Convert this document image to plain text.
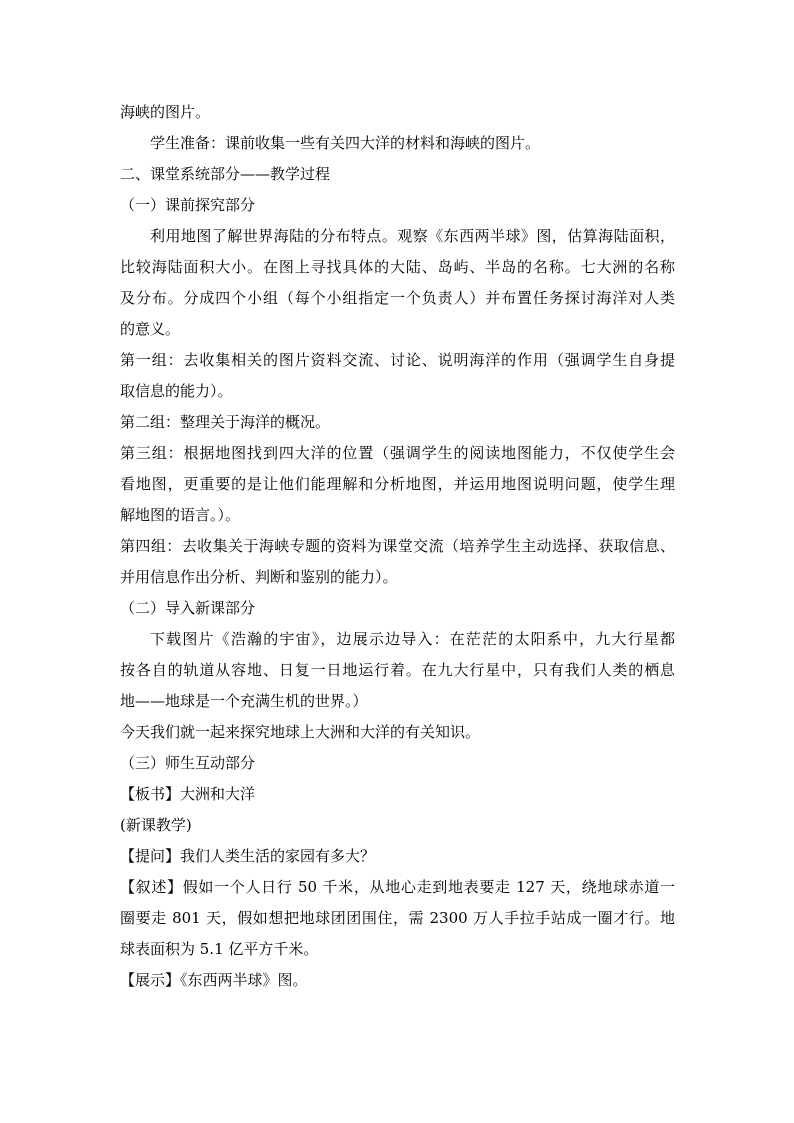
海峡的图片。
学生准备：课前收集一些有关四大洋的材料和海峡的图片。
二、课堂系统部分——教学过程
（一）课前探究部分
利用地图了解世界海陆的分布特点。观察《东西两半球》图，估算海陆面积，
比较海陆面积大小。在图上寻找具体的大陆、岛屿、半岛的名称。七大洲的名称
及分布。分成四个小组（每个小组指定一个负责人）并布置任务探讨海洋对人类
的意义。
第一组：去收集相关的图片资料交流、讨论、说明海洋的作用（强调学生自身提
取信息的能力）。
第二组：整理关于海洋的概况。
第三组：根据地图找到四大洋的位置（强调学生的阅读地图能力，不仅使学生会
看地图，更重要的是让他们能理解和分析地图，并运用地图说明问题，使学生理
解地图的语言。）。
第四组：去收集关于海峡专题的资料为课堂交流（培养学生主动选择、获取信息、
并用信息作出分析、判断和鉴别的能力）。
（二）导入新课部分
下载图片《浩瀚的宇宙》，边展示边导入：在茫茫的太阳系中，九大行星都
按各自的轨道从容地、日复一日地运行着。在九大行星中，只有我们人类的栖息
地——地球是一个充满生机的世界。）
今天我们就一起来探究地球上大洲和大洋的有关知识。
（三）师生互动部分
【板书】大洲和大洋
(新课教学)
【提问】我们人类生活的家园有多大？
【叙述】假如一个人日行 50 千米，从地心走到地表要走 127 天，绕地球赤道一
圈要走 801 天，假如想把地球团团围住，需 2300 万人手拉手站成一圈才行。地
球表面积为 5.1 亿平方千米。
【展示】《东西两半球》图。
